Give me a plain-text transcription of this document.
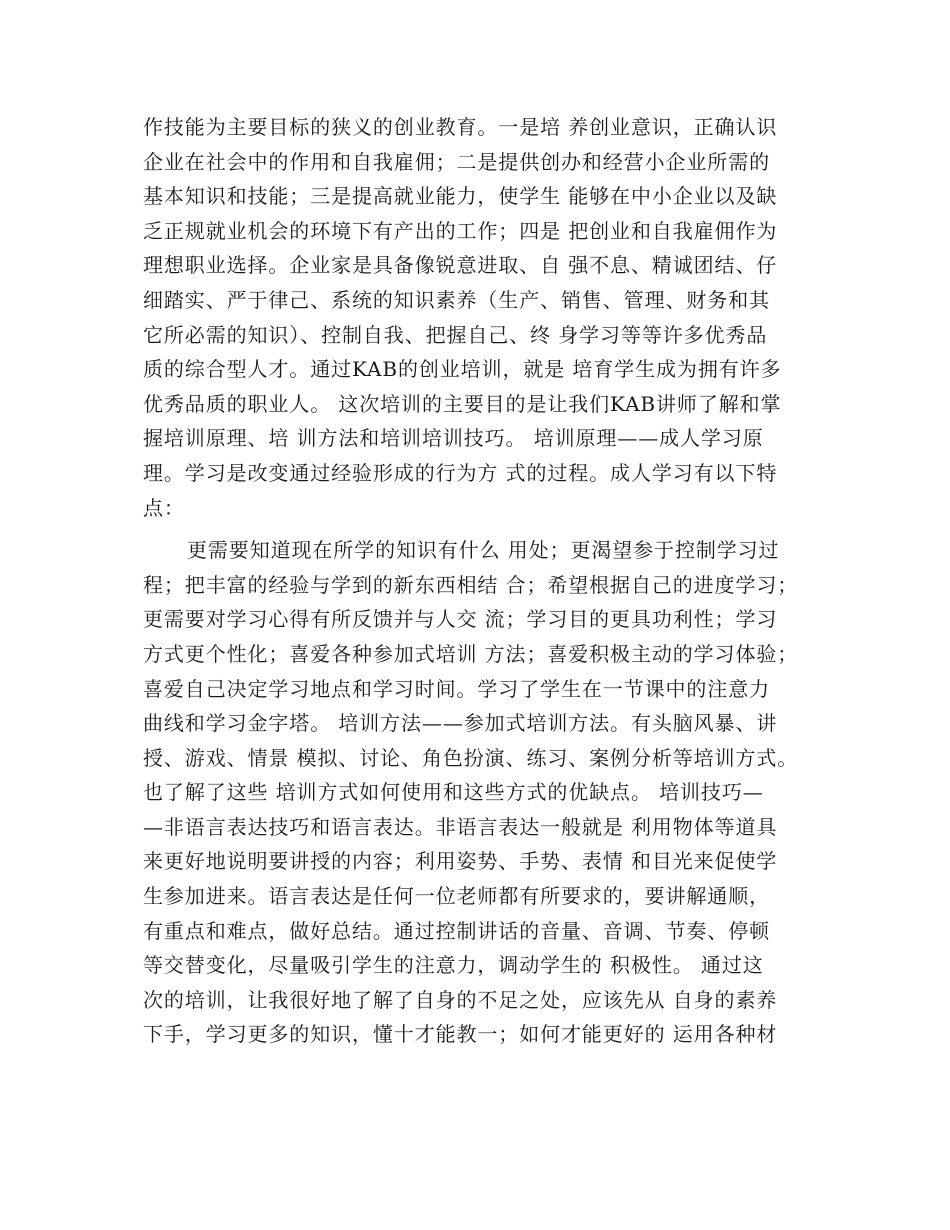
作技能为主要目标的狭义的创业教育。一是培 养创业意识，正确认识
企业在社会中的作用和自我雇佣；二是提供创办和经营小企业所需的
基本知识和技能；三是提高就业能力，使学生 能够在中小企业以及缺
乏正规就业机会的环境下有产出的工作；四是 把创业和自我雇佣作为
理想职业选择。企业家是具备像锐意进取、自 强不息、精诚团结、仔
细踏实、严于律己、系统的知识素养（生产、销售、管理、财务和其
它所必需的知识）、控制自我、把握自己、终 身学习等等许多优秀品
质的综合型人才。通过KAB的创业培训，就是 培育学生成为拥有许多
优秀品质的职业人。 这次培训的主要目的是让我们KAB讲师了解和掌
握培训原理、培 训方法和培训培训技巧。 培训原理——成人学习原
理。学习是改变通过经验形成的行为方 式的过程。成人学习有以下特
点：
更需要知道现在所学的知识有什么 用处；更渴望参于控制学习过
程；把丰富的经验与学到的新东西相结 合；希望根据自己的进度学习；
更需要对学习心得有所反馈并与人交 流；学习目的更具功利性；学习
方式更个性化；喜爱各种参加式培训 方法；喜爱积极主动的学习体验；
喜爱自己决定学习地点和学习时间。学习了学生在一节课中的注意力
曲线和学习金字塔。 培训方法——参加式培训方法。有头脑风暴、讲
授、游戏、情景 模拟、讨论、角色扮演、练习、案例分析等培训方式。
也了解了这些 培训方式如何使用和这些方式的优缺点。 培训技巧—
—非语言表达技巧和语言表达。非语言表达一般就是 利用物体等道具
来更好地说明要讲授的内容；利用姿势、手势、表情 和目光来促使学
生参加进来。语言表达是任何一位老师都有所要求的，要讲解通顺，
有重点和难点，做好总结。通过控制讲话的音量、音调、节奏、停顿
等交替变化，尽量吸引学生的注意力，调动学生的 积极性。 通过这
次的培训，让我很好地了解了自身的不足之处，应该先从 自身的素养
下手，学习更多的知识，懂十才能教一；如何才能更好的 运用各种材
